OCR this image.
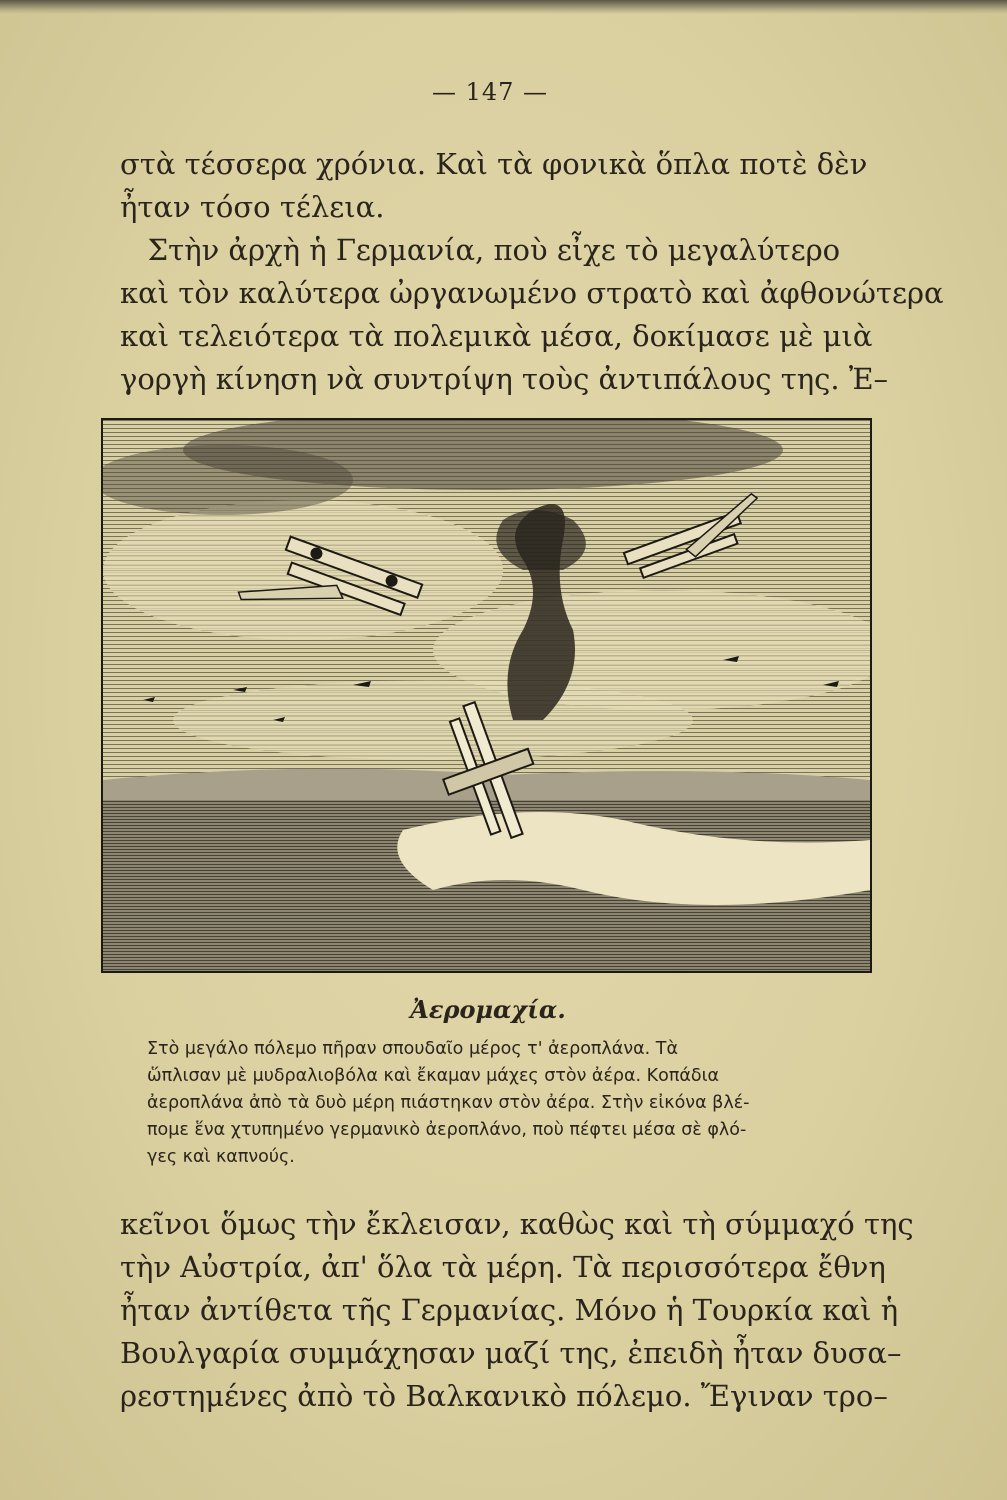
— 147 —
στὰ τέσσερα χρόνια. Καὶ τὰ φονικὰ ὅπλα ποτὲ δὲν
ἦταν τόσο τέλεια.
Στὴν ἀρχὴ ἡ Γερμανία, ποὺ εἶχε τὸ μεγαλύτερο
καὶ τὸν καλύτερα ὠργανωμένο στρατὸ καὶ ἀφθονώτερα
καὶ τελειότερα τὰ πολεμικὰ μέσα, δοκίμασε μὲ μιὰ
γοργὴ κίνηση νὰ συντρίψη τοὺς ἀντιπάλους της. Ἐ–
Ἀερομαχία.
Στὸ μεγάλο πόλεμο πῆραν σπουδαῖο μέρος τ' ἀεροπλάνα. Τὰ
ὥπλισαν μὲ μυδραλιοβόλα καὶ ἔκαμαν μάχες στὸν ἀέρα. Κοπάδια
ἀεροπλάνα ἀπὸ τὰ δυὸ μέρη πιάστηκαν στὸν ἀέρα. Στὴν εἰκόνα βλέ-
πομε ἕνα χτυπημένο γερμανικὸ ἀεροπλάνο, ποὺ πέφτει μέσα σὲ φλό-
γες καὶ καπνούς.
κεῖνοι ὅμως τὴν ἔκλεισαν, καθὼς καὶ τὴ σύμμαχό της
τὴν Αὐστρία, ἀπ' ὅλα τὰ μέρη. Τὰ περισσότερα ἔθνη
ἦταν ἀντίθετα τῆς Γερμανίας. Μόνο ἡ Τουρκία καὶ ἡ
Βουλγαρία συμμάχησαν μαζί της, ἐπειδὴ ἦταν δυσα–
ρεστημένες ἀπὸ τὸ Βαλκανικὸ πόλεμο. Ἔγιναν τρο–
